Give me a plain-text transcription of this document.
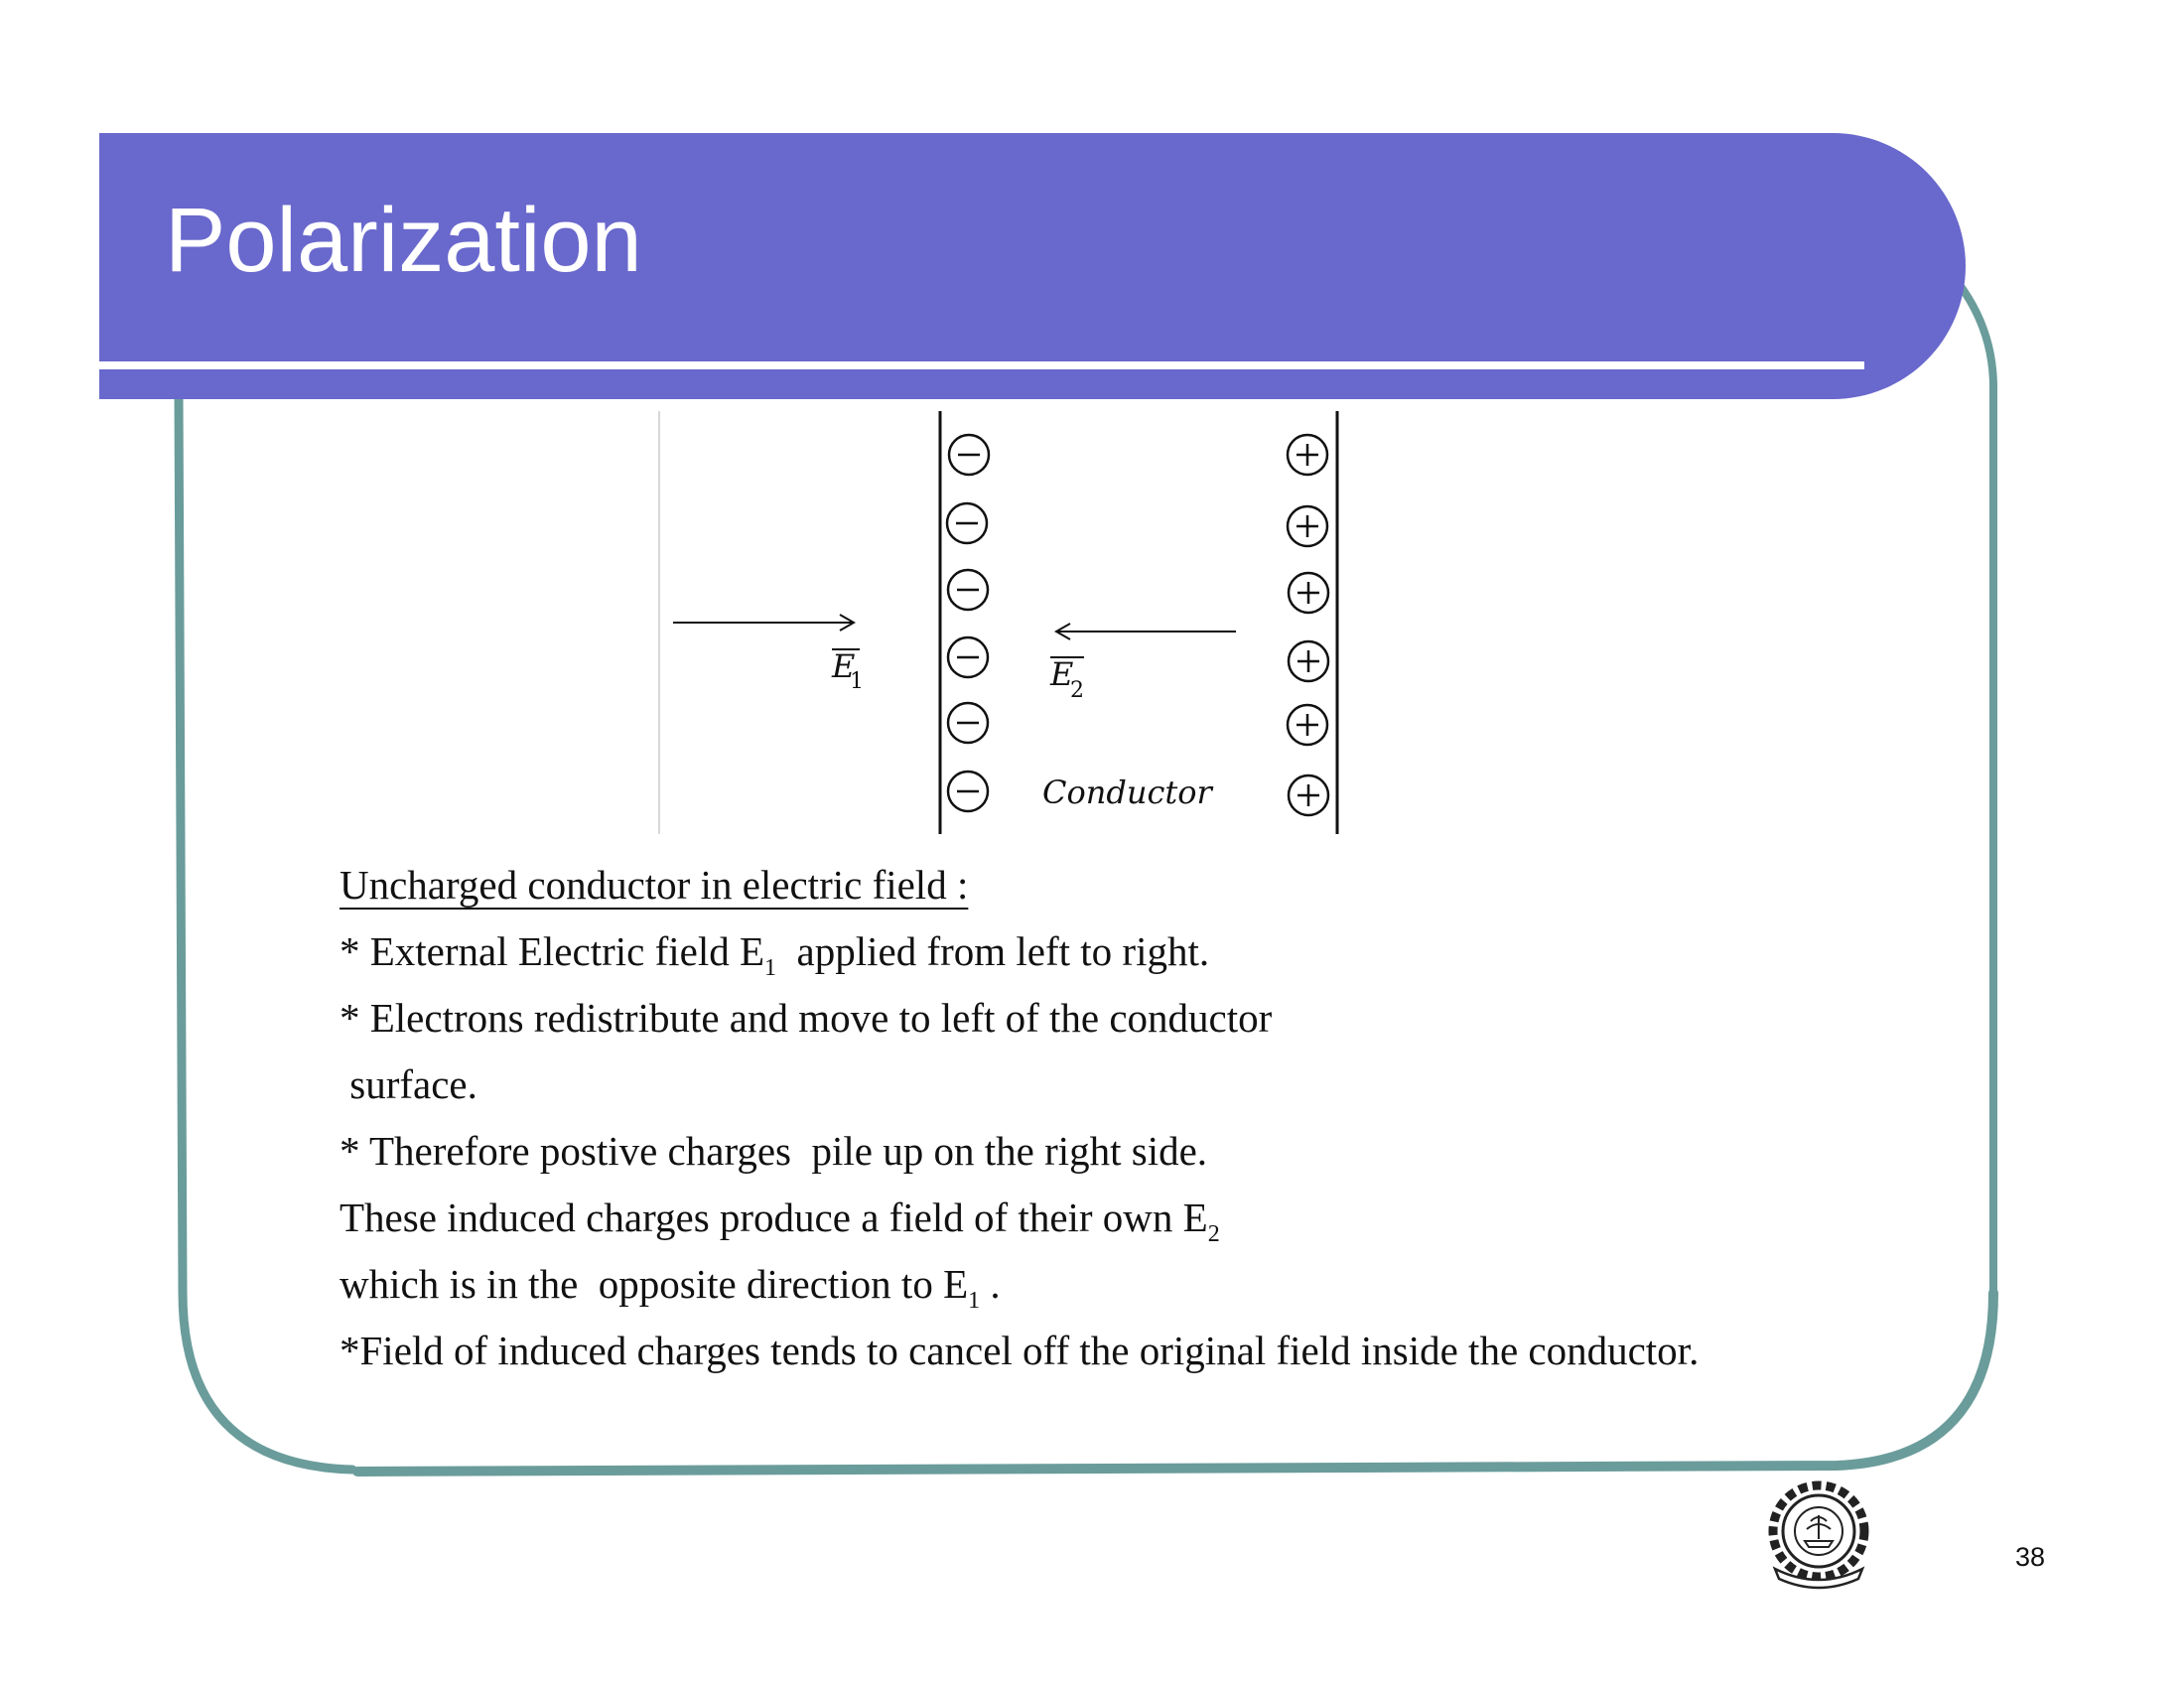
Polarization
E
1	E
2
Conductor
Uncharged conductor in electric field :
* External Electric field $E_1$  applied from left to right.
* Electrons redistribute and move to left of the conductor
surface.
* Therefore postive charges  pile up on the right side.
These induced charges produce a field of their own $E_2$
which is in the  opposite direction to $E_1$ .
*Field of induced charges tends to cancel off the original field inside the conductor.
38
